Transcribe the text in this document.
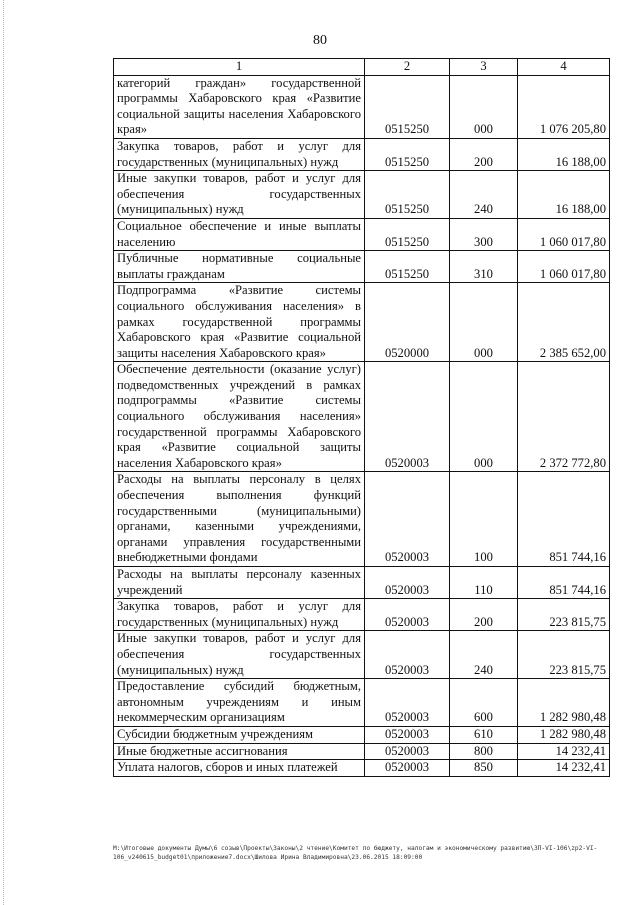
80
1	2	3	4
категорий граждан» государственной программы Хабаровского края «Развитие социальной защиты населения Хабаровского края»	0515250	000	1 076 205,80
Закупка товаров, работ и услуг для государственных (муниципальных) нужд	0515250	200	16 188,00
Иные закупки товаров, работ и услуг для обеспечения государственных (муниципальных) нужд	0515250	240	16 188,00
Социальное обеспечение и иные выплаты населению	0515250	300	1 060 017,80
Публичные нормативные социальные выплаты гражданам	0515250	310	1 060 017,80
Подпрограмма «Развитие системы социального обслуживания населения» в рамках государственной программы Хабаровского края «Развитие социальной защиты населения Хабаровского края»	0520000	000	2 385 652,00
Обеспечение деятельности (оказание услуг) подведомственных учреждений в рамках подпрограммы «Развитие системы социального обслуживания населения» государственной программы Хабаровского края «Развитие социальной защиты населения Хабаровского края»	0520003	000	2 372 772,80
Расходы на выплаты персоналу в целях обеспечения выполнения функций государственными (муниципальными) органами, казенными учреждениями, органами управления государственными внебюджетными фондами	0520003	100	851 744,16
Расходы на выплаты персоналу казенных учреждений	0520003	110	851 744,16
Закупка товаров, работ и услуг для государственных (муниципальных) нужд	0520003	200	223 815,75
Иные закупки товаров, работ и услуг для обеспечения государственных (муниципальных) нужд	0520003	240	223 815,75
Предоставление субсидий бюджетным, автономным учреждениям и иным некоммерческим организациям	0520003	600	1 282 980,48
Субсидии бюджетным учреждениям	0520003	610	1 282 980,48
Иные бюджетные ассигнования	0520003	800	14 232,41
Уплата налогов, сборов и иных платежей	0520003	850	14 232,41
M:\Итоговые документы Думы\6 созыв\Проекты\Законы\2 чтение\Комитет по бюджету, налогам и экономическому развитию\ЗП-VI-106\zp2-VI-
106_v240615_budget01\приложение7.docx\Шилова Ирина Владимировна\23.06.2015 18:09:00
